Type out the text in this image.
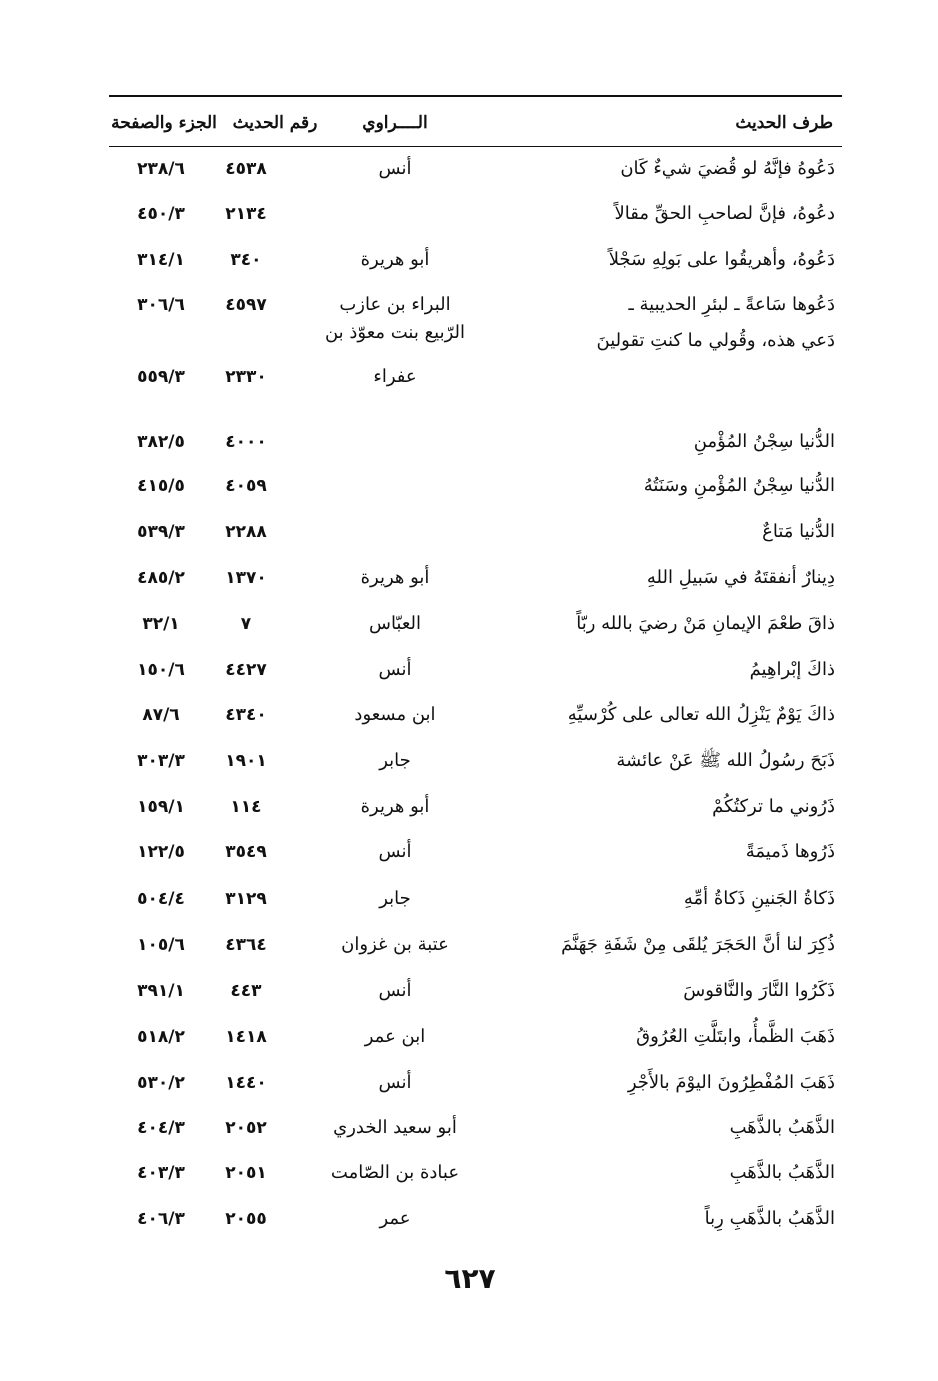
طرف الحديث
الــــراوي
رقم الحديث
الجزء والصفحة
دَعُوهُ فإنَّهُ لو قُضيَ شيءٌ كَان
أنس
٤٥٣٨
٢٣٨/٦
دعُوهُ، فإنَّ لصاحبِ الحقِّ مقالاً
٢١٣٤
٤٥٠/٣
دَعُوهُ، وأهريقُوا على بَولِهِ سَجْلاً
أبو هريرة
٣٤٠
٣١٤/١
دَعُوها سَاعةً ـ لبئرِ الحديبية ـ
البراء بن عازب
٤٥٩٧
٣٠٦/٦
دَعي هذه، وقُولي ما كنتِ تقولينَ
الرّبيع بنت معوّذ بن
عفراء
٢٣٣٠
٥٥٩/٣
الدُّنيا سِجْنُ المُؤْمنِ
٤٠٠٠
٣٨٢/٥
الدُّنيا سِجْنُ المُؤْمنِ وسَنَتُهُ
٤٠٥٩
٤١٥/٥
الدُّنيا مَتاعٌ
٢٢٨٨
٥٣٩/٣
دِينارٌ أنفقتَهُ في سَبيلِ اللهِ
أبو هريرة
١٣٧٠
٤٨٥/٢
ذاقَ طعْمَ الإيمانِ مَنْ رضيَ بالله ربّاً
العبّاس
٧
٣٢/١
ذاكَ إبْراهِيمُ
أنس
٤٤٢٧
١٥٠/٦
ذاكَ يَوْمٌ يَنْزِلُ الله تعالى على كُرْسيِّهِ
ابن مسعود
٤٣٤٠
٨٧/٦
ذَبَحَ رسُولُ الله ﷺ عَنْ عائشة
جابر
١٩٠١
٣٠٣/٣
ذَرُوني ما تركتُكُمْ
أبو هريرة
١١٤
١٥٩/١
ذَرُوها ذَميمَةً
أنس
٣٥٤٩
١٢٢/٥
ذَكاةُ الجَنينِ ذَكاةُ أمِّهِ
جابر
٣١٢٩
٥٠٤/٤
ذُكِرَ لنا أنَّ الحَجَرَ يُلقَى مِنْ شَفَةِ جَهَنَّمَ
عتبة بن غزوان
٤٣٦٤
١٠٥/٦
ذَكَرُوا النَّارَ والنَّاقوسَ
أنس
٤٤٣
٣٩١/١
ذَهَبَ الظَّمأُ، وابتَلَّتِ العُرُوقُ
ابن عمر
١٤١٨
٥١٨/٢
ذَهَبَ المُفْطِرُونَ اليوْمَ بالأَجْرِ
أنس
١٤٤٠
٥٣٠/٢
الذَّهَبُ بالذَّهَبِ
أبو سعيد الخدري
٢٠٥٢
٤٠٤/٣
الذَّهَبُ بالذَّهَبِ
عبادة بن الصّامت
٢٠٥١
٤٠٣/٣
الذَّهَبُ بالذَّهَبِ رِباً
عمر
٢٠٥٥
٤٠٦/٣
٦٢٧
